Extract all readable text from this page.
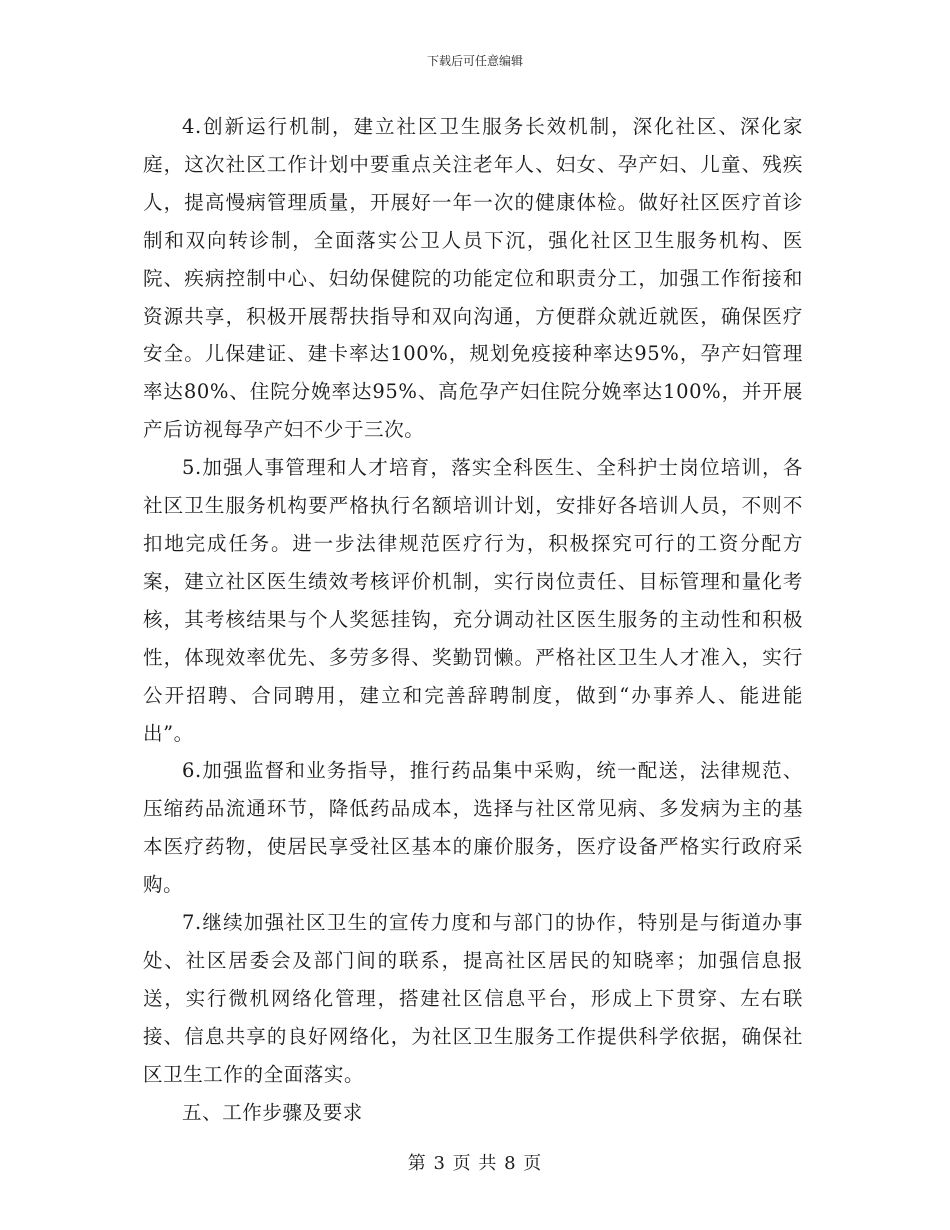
下载后可任意编辑

4.创新运行机制，建立社区卫生服务长效机制，深化社区、深化家庭，这次社区工作计划中要重点关注老年人、妇女、孕产妇、儿童、残疾人，提高慢病管理质量，开展好一年一次的健康体检。做好社区医疗首诊制和双向转诊制，全面落实公卫人员下沉，强化社区卫生服务机构、医院、疾病控制中心、妇幼保健院的功能定位和职责分工，加强工作衔接和资源共享，积极开展帮扶指导和双向沟通，方便群众就近就医，确保医疗安全。儿保建证、建卡率达100%，规划免疫接种率达95%，孕产妇管理率达80%、住院分娩率达95%、高危孕产妇住院分娩率达100%，并开展产后访视每孕产妇不少于三次。

5.加强人事管理和人才培育，落实全科医生、全科护士岗位培训，各社区卫生服务机构要严格执行名额培训计划，安排好各培训人员，不则不扣地完成任务。进一步法律规范医疗行为，积极探究可行的工资分配方案，建立社区医生绩效考核评价机制，实行岗位责任、目标管理和量化考核，其考核结果与个人奖惩挂钩，充分调动社区医生服务的主动性和积极性，体现效率优先、多劳多得、奖勤罚懒。严格社区卫生人才准入，实行公开招聘、合同聘用，建立和完善辞聘制度，做到“办事养人、能进能出”。

6.加强监督和业务指导，推行药品集中采购，统一配送，法律规范、压缩药品流通环节，降低药品成本，选择与社区常见病、多发病为主的基本医疗药物，使居民享受社区基本的廉价服务，医疗设备严格实行政府采购。

7.继续加强社区卫生的宣传力度和与部门的协作，特别是与街道办事处、社区居委会及部门间的联系，提高社区居民的知晓率；加强信息报送，实行微机网络化管理，搭建社区信息平台，形成上下贯穿、左右联接、信息共享的良好网络化，为社区卫生服务工作提供科学依据，确保社区卫生工作的全面落实。

五、工作步骤及要求

第 3 页 共 8 页
